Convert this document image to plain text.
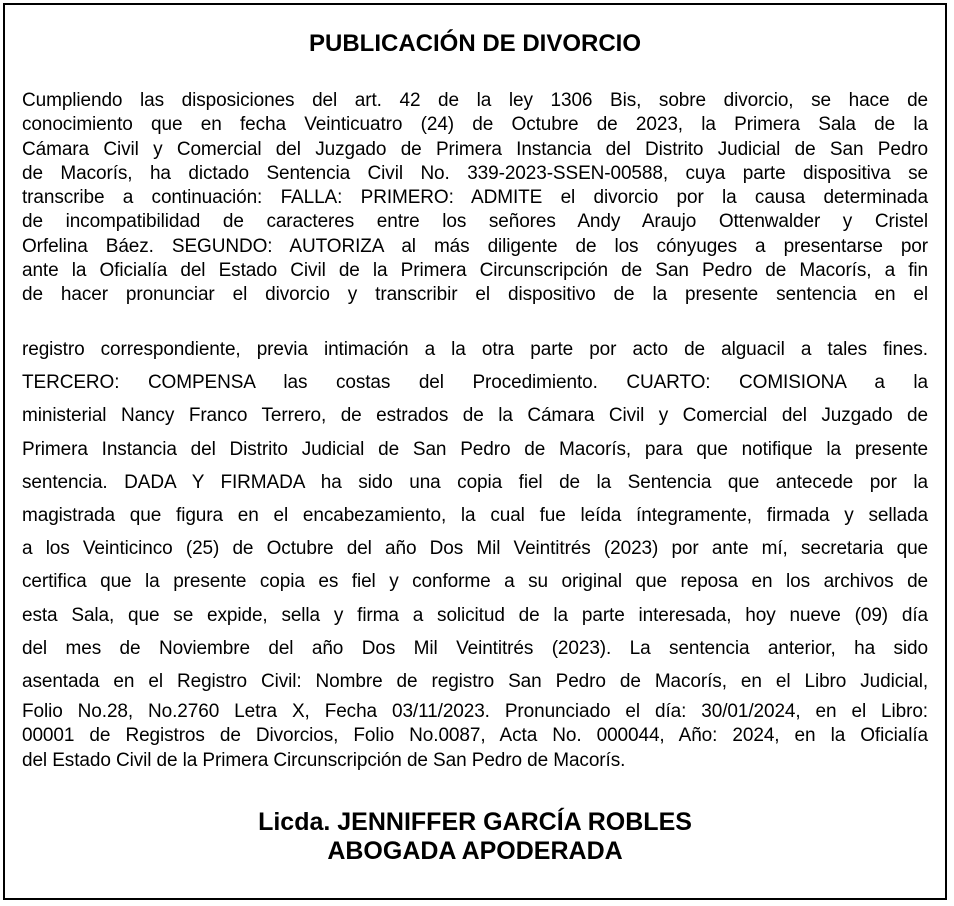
PUBLICACIÓN DE DIVORCIO
Cumpliendo las disposiciones del art. 42 de la ley 1306 Bis, sobre divorcio, se hace de
conocimiento que en fecha Veinticuatro (24) de Octubre de 2023, la Primera Sala de la
Cámara Civil y Comercial del Juzgado de Primera Instancia del Distrito Judicial de San Pedro
de Macorís, ha dictado Sentencia Civil No. 339-2023-SSEN-00588, cuya parte dispositiva se
transcribe a continuación: FALLA: PRIMERO: ADMITE el divorcio por la causa determinada
de incompatibilidad de caracteres entre los señores Andy Araujo Ottenwalder y Cristel
Orfelina Báez. SEGUNDO: AUTORIZA al más diligente de los cónyuges a presentarse por
ante la Oficialía del Estado Civil de la Primera Circunscripción de San Pedro de Macorís, a fin
de hacer pronunciar el divorcio y transcribir el dispositivo de la presente sentencia en el
registro correspondiente, previa intimación a la otra parte por acto de alguacil a tales fines.
TERCERO: COMPENSA las costas del Procedimiento. CUARTO: COMISIONA a la
ministerial Nancy Franco Terrero, de estrados de la Cámara Civil y Comercial del Juzgado de
Primera Instancia del Distrito Judicial de San Pedro de Macorís, para que notifique la presente
sentencia. DADA Y FIRMADA ha sido una copia fiel de la Sentencia que antecede por la
magistrada que figura en el encabezamiento, la cual fue leída íntegramente, firmada y sellada
a los Veinticinco (25) de Octubre del año Dos Mil Veintitrés (2023) por ante mí, secretaria que
certifica que la presente copia es fiel y conforme a su original que reposa en los archivos de
esta Sala, que se expide, sella y firma a solicitud de la parte interesada, hoy nueve (09) día
del mes de Noviembre del año Dos Mil Veintitrés (2023). La sentencia anterior, ha sido
asentada en el Registro Civil: Nombre de registro San Pedro de Macorís, en el Libro Judicial,
Folio No.28, No.2760 Letra X, Fecha 03/11/2023. Pronunciado el día: 30/01/2024, en el Libro:
00001 de Registros de Divorcios, Folio No.0087, Acta No. 000044, Año: 2024, en la Oficialía
del Estado Civil de la Primera Circunscripción de San Pedro de Macorís.
Licda. JENNIFFER GARCÍA ROBLES
ABOGADA APODERADA
